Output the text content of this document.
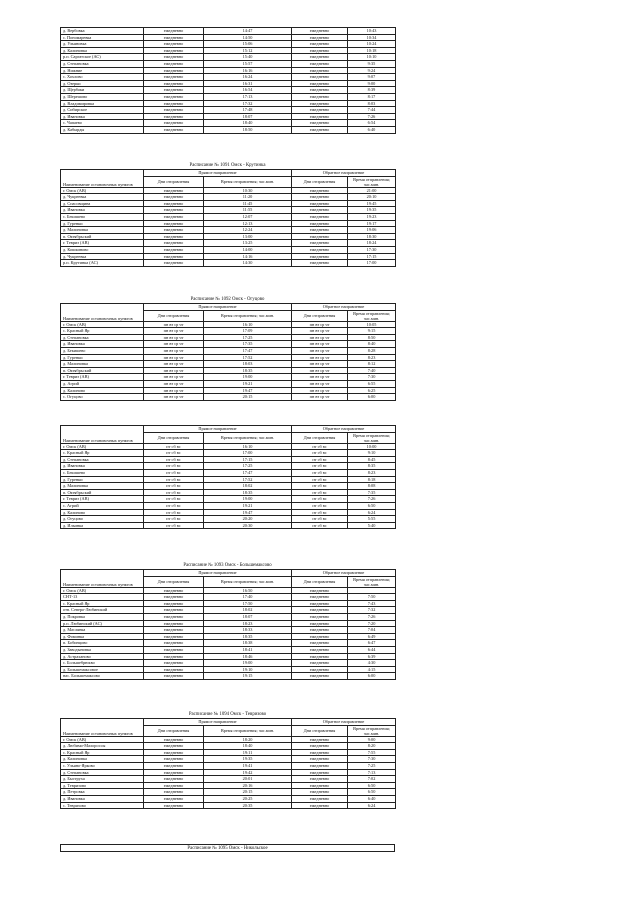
д. Вербовка	ежедневно	14:47	ежедневно	10:43
с. Пономаревка	ежедневно	14:50	ежедневно	10:34
д. Ульяновка	ежедневно	15:06	ежедневно	10:24
д. Калиновка	ежедневно	15:12	ежедневно	10:18
р.п. Саргатское (АС)	ежедневно	15:40	ежедневно	10:10
д. Степановка	ежедневно	15:57	ежедневно	9:35
д. Нижние	ежедневно	16:16	ежедневно	9:24
с. Хохлово	ежедневно	16:24	ежедневно	9:07
д. Озерки	ежедневно	16:31	ежедневно	9:00
д. Щербаки	ежедневно	16:54	ежедневно	8:39
д. Шерешово	ежедневно	17:13	ежедневно	8:17
д. Владимировка	ежедневно	17:32	ежедневно	8:03
д. Сибирское	ежедневно	17:48	ежедневно	7:44
д. Ивановка	ежедневно	18:07	ежедневно	7:26
с. Чапаево	ежедневно	18:40	ежедневно	6:54
д. Кабырды	ежедневно	18:50	ежедневно	6:40
Расписание № 1091 Омск - Крутинка
Наименование остановочных пунктов	Прямое направление		Обратное направление	
	Дни отправления	Время отправления; час.мин.	Дни отправления	Время отправления; час.мин.
г. Омск (АВ)	ежедневно	10:30	ежедневно	21:00
д. Чукреевка	ежедневно	11:20	ежедневно	20:10
д. Спасовщина	ежедневно	11:45	ежедневно	19:45
д. Ивановка	ежедневно	11:55	ежедневно	19:35
с. Бекишево	ежедневно	12:07	ежедневно	19:23
д. Гуренки	ежедневно	12:13	ежедневно	19:17
д. Малиновка	ежедневно	12:24	ежедневно	19:06
п. Октябрьский	ежедневно	13:00	ежедневно	18:30
г. Тевриз (АВ)	ежедневно	13:25	ежедневно	18:24
д. Кошкиново	ежедневно	14:00	ежедневно	17:30
д. Чукреевка	ежедневно	14:16	ежедневно	17:15
р.п. Крутинка (АС)	ежедневно	14:30	ежедневно	17:00
Расписание № 1092 Омск - Огуцово
Наименование остановочных пунктов	Прямое направление		Обратное направление	
	Дни отправления	Время отправления; час.мин.	Дни отправления	Время отправления; час.мин.
г. Омск (АВ)	пн вт ср чт	16:10	пн вт ср чт	10:05
с. Красный Яр	пн вт ср чт	17:09	пн вт ср чт	9:15
д. Степановка	пн вт ср чт	17:25	пн вт ср чт	8:50
д. Ивановка	пн вт ср чт	17:35	пн вт ср чт	8:40
д. Бекишево	пн вт ср чт	17:47	пн вт ср чт	8:28
д. Гуренки	пн вт ср чт	17:52	пн вт ср чт	8:23
д. Малиновка	пн вт ср чт	18:03	пн вт ср чт	8:12
п. Октябрьский	пн вт ср чт	18:35	пн вт ср чт	7:40
г. Тевриз (АВ)	пн вт ср чт	19:00	пн вт ср чт	7:30
д. Агрий	пн вт ср чт	19:21	пн вт ср чт	6:55
д. Калиново	пн вт ср чт	19:47	пн вт ср чт	6:25
с. Огуцово	пн вт ср чт	20:15	пн вт ср чт	6:00
Наименование остановочных пунктов	Прямое направление		Обратное направление	
	Дни отправления	Время отправления; час.мин.	Дни отправления	Время отправления; час.мин.
г. Омск (АВ)	пт сб вс	16:10	пт сб вс	10:00
с. Красный Яр	пт сб вс	17:00	пт сб вс	9:10
д. Степановка	пт сб вс	17:15	пт сб вс	8:45
д. Ивановка	пт сб вс	17:25	пт сб вс	8:35
с. Бекишево	пт сб вс	17:47	пт сб вс	8:23
д. Гуренки	пт сб вс	17:52	пт сб вс	8:18
д. Малиновка	пт сб вс	18:02	пт сб вс	8:08
п. Октябрьский	пт сб вс	18:35	пт сб вс	7:35
г. Тевриз (АВ)	пт сб вс	19:00	пт сб вс	7:26
с. Агрий	пт сб вс	19:21	пт сб вс	6:50
д. Калиново	пт сб вс	19:47	пт сб вс	6:24
д. Огуцово	пт сб вс	20:20	пт сб вс	5:55
д. Ильинка	пт сб вс	20:30	пт сб вс	5:40
Расписание № 1093 Омск - Большемаксово
Наименование остановочных пунктов	Прямое направление		Обратное направление	
	Дни отправления	Время отправления; час.мин.	Дни отправления	Время отправления; час.мин.
г. Омск (АВ)	ежедневно	16:50	ежедневно	
СНТ-13	ежедневно	17:40	ежедневно	7:50
с. Красный Яр	ежедневно	17:50	ежедневно	7:43
отв. Северо-Любинский	ежедневно	18:02	ежедневно	7:32
д. Покровка	ежедневно	18:07	ежедневно	7:26
р.п. Любинский (АС)	ежедневно	18:23	ежедневно	7:20
д. Маслянка	ежедневно	18:33	ежедневно	7:04
д. Фоминка	ежедневно	18:35	ежедневно	6:49
п. Бобинцово	ежедневно	18:38	ежедневно	6:47
д. Заводыновка	ежедневно	18:41	ежедневно	6:44
д. Астраханово	ежедневно	18:46	ежедневно	6:39
с. Большебрюкво	ежедневно	19:00	ежедневно	4:30
д. Большемаксовое	ежедневно	19:10	ежедневно	4:15
нас. Большемаксово	ежедневно	19:15	ежедневно	6:00
Расписание № 1094 Омск - Тевризово
Наименование остановочных пунктов	Прямое направление		Обратное направление	
	Дни отправления	Время отправления; час.мин.	Дни отправления	Время отправления; час.мин.
г. Омск (АВ)	ежедневно	18:20	ежедневно	9:00
д. Любимо-Малороссы	ежедневно	18:40	ежедневно	8:20
с. Красный Яр	ежедневно	19:11	ежедневно	7:55
д. Калиновка	ежедневно	19:35	ежедневно	7:30
с. Ульяно-Ярково	ежедневно	19:41	ежедневно	7:25
д. Степановка	ежедневно	19:42	ежедневно	7:13
д. Быструха	ежедневно	20:01	ежедневно	7:02
д. Тевризово	ежедневно	20:16	ежедневно	6:50
д. Петровка	ежедневно	20:15	ежедневно	6:50
д. Ивановка	ежедневно	20:25	ежедневно	6:40
с. Тевризово	ежедневно	20:35	ежедневно	6:24
Расписание № 1095 Омск - Никольское
